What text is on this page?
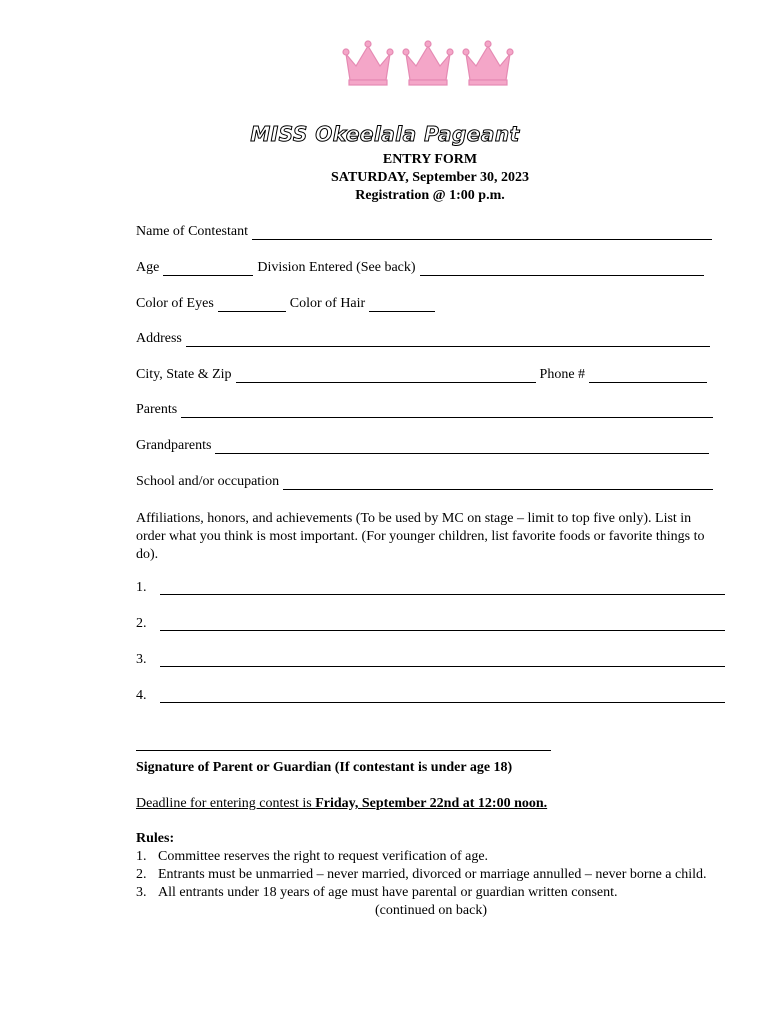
MISS Okeelala Pageant
ENTRY FORM
SATURDAY, September 30, 2023
Registration @ 1:00 p.m.
Name of Contestant
Age	Division Entered (See back)
Color of Eyes	Color of Hair
Address
City, State & Zip	Phone #
Parents
Grandparents
School and/or occupation
Affiliations, honors, and achievements (To be used by MC on stage – limit to top five only). List in order what you think is most important. (For younger children, list favorite foods or favorite things to do).
1.
2.
3.
4.
Signature of Parent or Guardian (If contestant is under age 18)
Deadline for entering contest is Friday, September 22nd at 12:00 noon.
Rules:
1. Committee reserves the right to request verification of age.
2. Entrants must be unmarried – never married, divorced or marriage annulled – never borne a child.
3. All entrants under 18 years of age must have parental or guardian written consent.
(continued on back)
